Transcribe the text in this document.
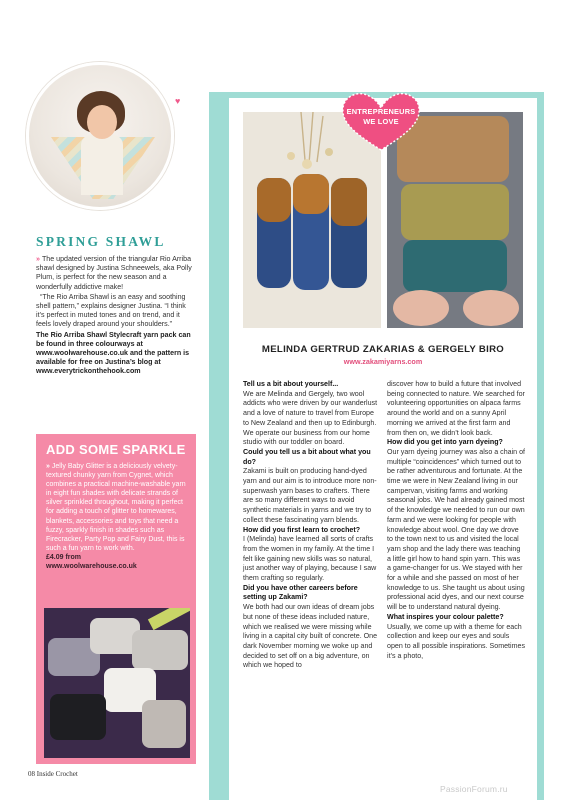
♥
SPRING SHAWL

» The updated version of the triangular Rio Arriba shawl designed by Justina Schneewels, aka Polly Plum, is perfect for the new season and a wonderfully addictive make!

“The Rio Arriba Shawl is an easy and soothing shell pattern,” explains designer Justina. “I think it’s perfect in muted tones and on trend, and it feels lovely draped around your shoulders.”

The Rio Arriba Shawl Stylecraft yarn pack can be found in three colourways at www.woolwarehouse.co.uk and the pattern is available for free on Justina’s blog at www.everytrickonthehook.com

ADD SOME SPARKLE
» Jelly Baby Glitter is a deliciously velvety-textured chunky yarn from Cygnet, which combines a practical machine-washable yarn in eight fun shades with delicate strands of silver sprinkled throughout, making it perfect for adding a touch of glitter to homewares, blankets, accessories and toys that need a fuzzy, sparkly finish in shades such as Firecracker, Party Pop and Fairy Dust, this is such a fun yarn to work with.
£4.09 from
www.woolwarehouse.co.uk
ENTREPRENEURS
WE LOVE
MELINDA GERTRUD ZAKARIAS & GERGELY BIRO
www.zakamiyarns.com
Tell us a bit about yourself...
We are Melinda and Gergely, two wool addicts who were driven by our wanderlust and a love of nature to travel from Europe to New Zealand and then up to Edinburgh. We operate our business from our home studio with our toddler on board.
Could you tell us a bit about what you do?
Zakami is built on producing hand-dyed yarn and our aim is to introduce more non-superwash yarn bases to crafters. There are so many different ways to avoid synthetic materials in yarns and we try to collect these fascinating yarn blends.
How did you first learn to crochet?
I (Melinda) have learned all sorts of crafts from the women in my family. At the time I felt like gaining new skills was so natural, just another way of playing, because I saw them crafting so regularly.
Did you have other careers before setting up Zakami?
We both had our own ideas of dream jobs but none of these ideas included nature, which we realised we were missing while living in a capital city built of concrete. One dark November morning we woke up and decided to set off on a big adventure, on which we hoped to
discover how to build a future that involved being connected to nature. We searched for volunteering opportunities on alpaca farms around the world and on a sunny April morning we arrived at the first farm and from then on, we didn’t look back.
How did you get into yarn dyeing?
Our yarn dyeing journey was also a chain of multiple “coincidences” which turned out to be rather adventurous and fortunate. At the time we were in New Zealand living in our campervan, visiting farms and working seasonal jobs. We had already gained most of the knowledge we needed to run our own farm and we were looking for people with knowledge about wool. One day we drove to the town next to us and visited the local yarn shop and the lady there was teaching a little girl how to hand spin yarn. This was a game-changer for us. We stayed with her for a while and she passed on most of her knowledge to us. She taught us about using professional acid dyes, and our next course will be to understand natural dyeing.
What inspires your colour palette?
Usually, we come up with a theme for each collection and keep our eyes and souls open to all possible inspirations. Sometimes it’s a photo,
08 Inside Crochet
PassionForum.ru
